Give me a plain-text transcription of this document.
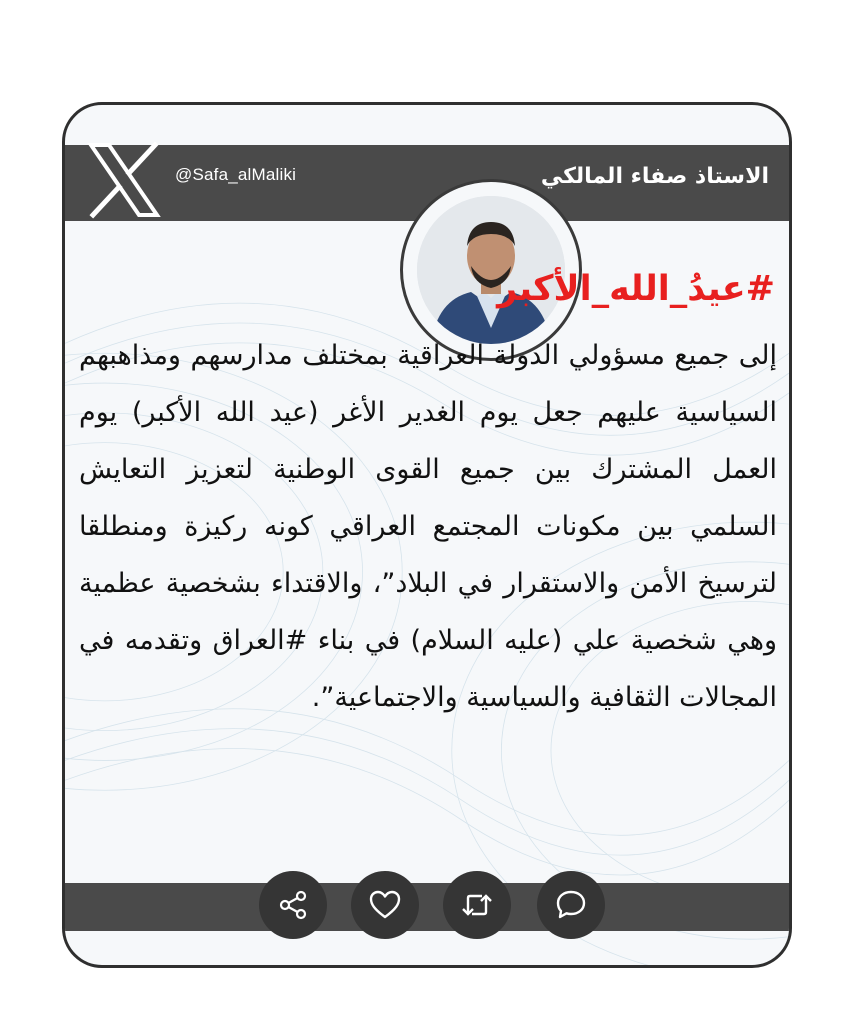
@Safa_alMaliki	الاستاذ صفاء المالكي
#عيدُ_الله_الأكبر
إلى جميع مسؤولي الدولة العراقية بمختلف مدارسهم ومذاهبهم السياسية عليهم جعل يوم الغدير الأغر (عيد الله الأكبر) يوم العمل المشترك بين جميع القوى الوطنية لتعزيز التعايش السلمي بين مكونات المجتمع العراقي كونه ركيزة ومنطلقا لترسيخ الأمن والاستقرار في البلاد”، والاقتداء بشخصية عظمية وهي شخصية علي (عليه السلام) في بناء #العراق وتقدمه في المجالات الثقافية والسياسية والاجتماعية”.
